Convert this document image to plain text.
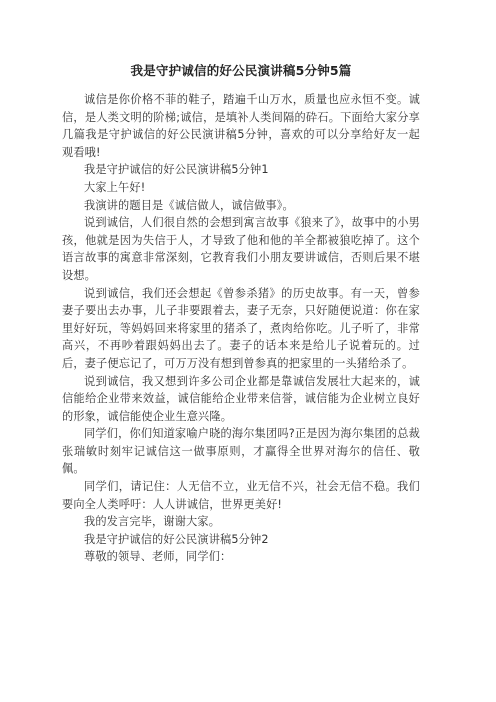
我是守护诚信的好公民演讲稿5分钟5篇

诚信是你价格不菲的鞋子，踏遍千山万水，质量也应永恒不变。诚信，是人类文明的阶梯;诚信，是填补人类间隔的砕石。下面给大家分享几篇我是守护诚信的好公民演讲稿5分钟，喜欢的可以分享给好友一起观看哦!

我是守护诚信的好公民演讲稿5分钟1

大家上午好!

我演讲的题目是《诚信做人，诚信做事》。

说到诚信，人们很自然的会想到寓言故事《狼来了》，故事中的小男孩，他就是因为失信于人，才导致了他和他的羊全都被狼吃掉了。这个语言故事的寓意非常深刻，它教育我们小朋友要讲诚信，否则后果不堪设想。

说到诚信，我们还会想起《曾参杀猪》的历史故事。有一天，曾参妻子要出去办事，儿子非要跟着去，妻子无奈，只好随便说道：你在家里好好玩，等妈妈回来将家里的猪杀了，煮肉给你吃。儿子听了，非常高兴，不再吵着跟妈妈出去了。妻子的话本来是给儿子说着玩的。过后，妻子便忘记了，可万万没有想到曾参真的把家里的一头猪给杀了。

说到诚信，我又想到许多公司企业都是靠诚信发展壮大起来的，诚信能给企业带来效益，诚信能给企业带来信誉，诚信能为企业树立良好的形象，诚信能使企业生意兴隆。

同学们，你们知道家喻户晓的海尔集团吗?正是因为海尔集团的总裁张瑞敏时刻牢记诚信这一做事原则，才赢得全世界对海尔的信任、敬佩。

同学们，请记住：人无信不立，业无信不兴，社会无信不稳。我们要向全人类呼吁：人人讲诚信，世界更美好!

我的发言完毕，谢谢大家。

我是守护诚信的好公民演讲稿5分钟2

尊敬的领导、老师，同学们：
